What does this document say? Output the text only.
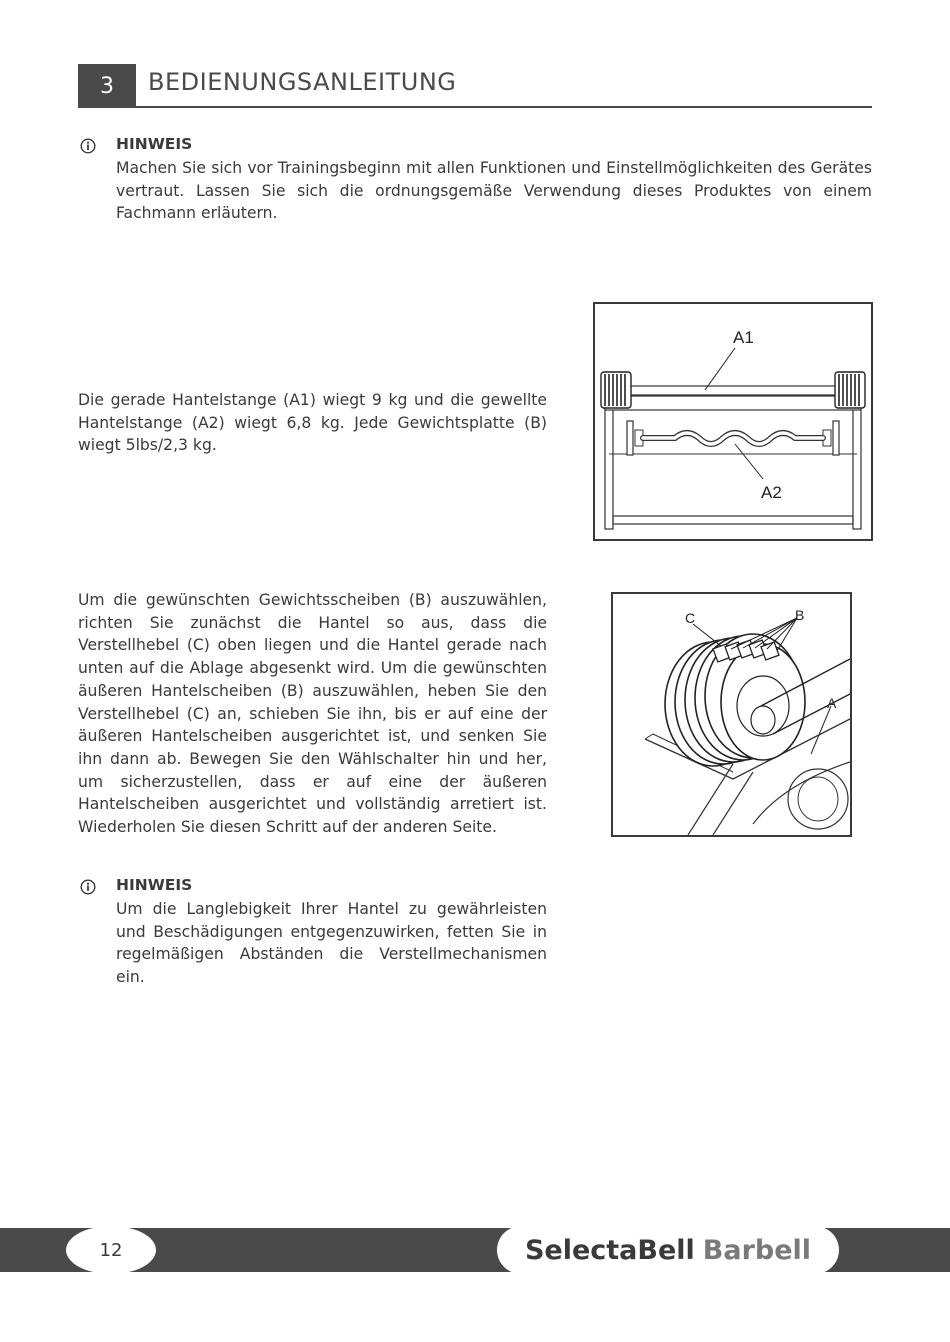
3	BEDIENUNGSANLEITUNG
HINWEIS

Machen Sie sich vor Trainingsbeginn mit allen Funktionen und Einstellmöglichkeiten des Gerätes vertraut. Lassen Sie sich die ordnungsgemäße Verwendung dieses Produktes von einem Fachmann erläutern.

Die gerade Hantelstange (A1) wiegt 9 kg und die gewellte Hantelstange (A2) wiegt 6,8 kg. Jede Gewichtsplatte (B) wiegt 5lbs/2,3 kg.

A1
A2

Um die gewünschten Gewichtsscheiben (B) auszuwählen, richten Sie zunächst die Hantel so aus, dass die Verstellhebel (C) oben liegen und die Hantel gerade nach unten auf die Ablage abgesenkt wird. Um die gewünschten äußeren Hantelscheiben (B) auszuwählen, heben Sie den Verstellhebel (C) an, schieben Sie ihn, bis er auf eine der äußeren Hantelscheiben ausgerichtet ist, und senken Sie ihn dann ab. Bewegen Sie den Wählschalter hin und her, um sicherzustellen, dass er auf eine der äußeren Hantelscheiben ausgerichtet und vollständig arretiert ist. Wiederholen Sie diesen Schritt auf der anderen Seite.

C	B
A
HINWEIS

Um die Langlebigkeit Ihrer Hantel zu gewährleisten und Beschädigungen entgegenzuwirken, fetten Sie in regelmäßigen Abständen die Verstellmechanismen ein.

12	SelectaBell Barbell
